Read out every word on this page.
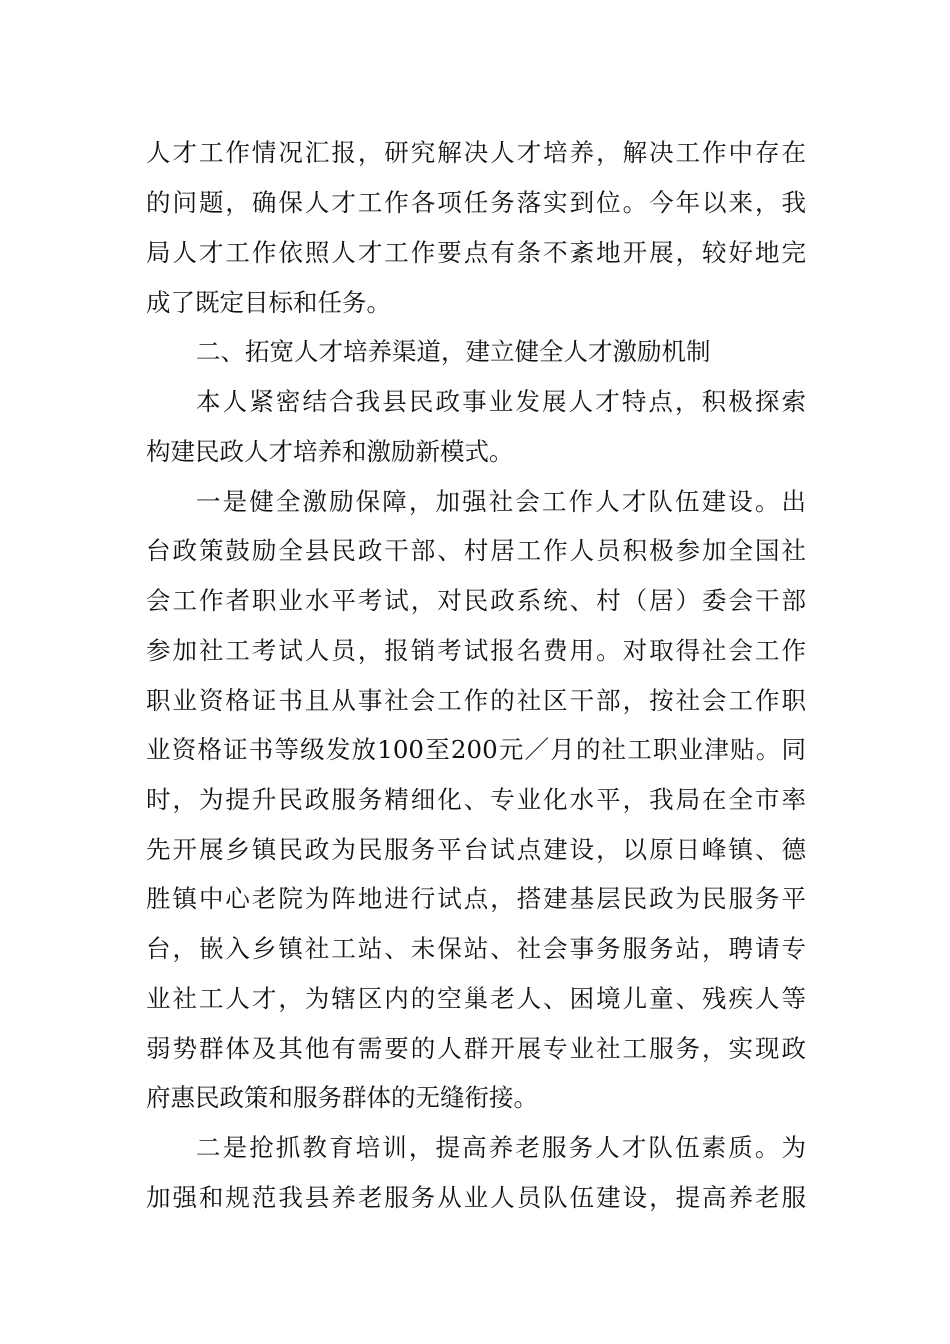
人才工作情况汇报，研究解决人才培养，解决工作中存在
的问题，确保人才工作各项任务落实到位。今年以来，我
局人才工作依照人才工作要点有条不紊地开展，较好地完
成了既定目标和任务。
二、拓宽人才培养渠道，建立健全人才激励机制
本人紧密结合我县民政事业发展人才特点，积极探索
构建民政人才培养和激励新模式。
一是健全激励保障，加强社会工作人才队伍建设。出
台政策鼓励全县民政干部、村居工作人员积极参加全国社
会工作者职业水平考试，对民政系统、村（居）委会干部
参加社工考试人员，报销考试报名费用。对取得社会工作
职业资格证书且从事社会工作的社区干部，按社会工作职
业资格证书等级发放100至200元／月的社工职业津贴。同
时，为提升民政服务精细化、专业化水平，我局在全市率
先开展乡镇民政为民服务平台试点建设，以原日峰镇、德
胜镇中心老院为阵地进行试点，搭建基层民政为民服务平
台，嵌入乡镇社工站、未保站、社会事务服务站，聘请专
业社工人才，为辖区内的空巢老人、困境儿童、残疾人等
弱势群体及其他有需要的人群开展专业社工服务，实现政
府惠民政策和服务群体的无缝衔接。
二是抢抓教育培训，提高养老服务人才队伍素质。为
加强和规范我县养老服务从业人员队伍建设，提高养老服
